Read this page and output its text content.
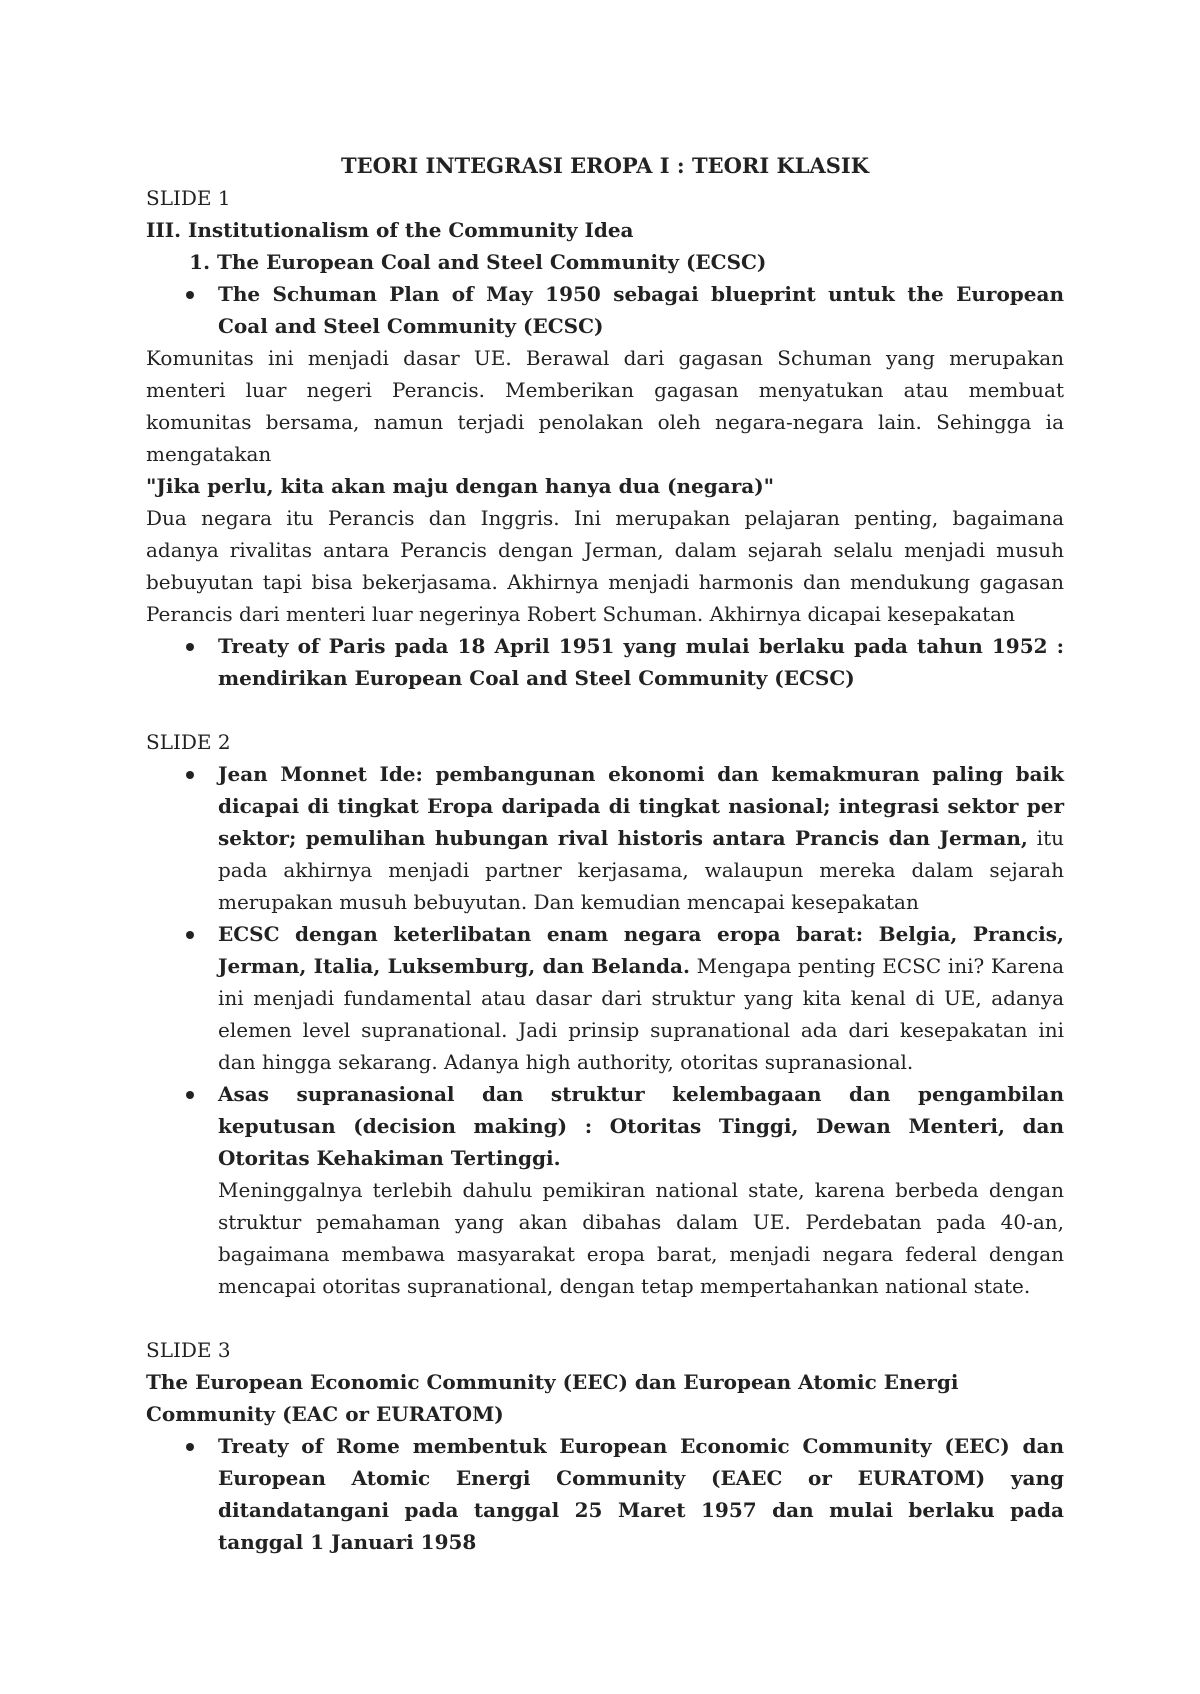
TEORI INTEGRASI EROPA I : TEORI KLASIK

SLIDE 1

III. Institutionalism of the Community Idea

1. The European Coal and Steel Community (ECSC)
The Schuman Plan of May 1950 sebagai blueprint untuk the European Coal and Steel Community (ECSC)

Komunitas ini menjadi dasar UE. Berawal dari gagasan Schuman yang merupakan menteri luar negeri Perancis. Memberikan gagasan menyatukan atau membuat komunitas bersama, namun terjadi penolakan oleh negara-negara lain. Sehingga ia mengatakan

"Jika perlu, kita akan maju dengan hanya dua (negara)"

Dua negara itu Perancis dan Inggris. Ini merupakan pelajaran penting, bagaimana adanya rivalitas antara Perancis dengan Jerman, dalam sejarah selalu menjadi musuh bebuyutan tapi bisa bekerjasama. Akhirnya menjadi harmonis dan mendukung gagasan Perancis dari menteri luar negerinya Robert Schuman. Akhirnya dicapai kesepakatan

Treaty of Paris pada 18 April 1951 yang mulai berlaku pada tahun 1952 : mendirikan European Coal and Steel Community (ECSC)

SLIDE 2

Jean Monnet Ide: pembangunan ekonomi dan kemakmuran paling baik dicapai di tingkat Eropa daripada di tingkat nasional; integrasi sektor per sektor; pemulihan hubungan rival historis antara Prancis dan Jerman, itu pada akhirnya menjadi partner kerjasama, walaupun mereka dalam sejarah merupakan musuh bebuyutan. Dan kemudian mencapai kesepakatan
ECSC dengan keterlibatan enam negara eropa barat: Belgia, Prancis, Jerman, Italia, Luksemburg, dan Belanda. Mengapa penting ECSC ini? Karena ini menjadi fundamental atau dasar dari struktur yang kita kenal di UE, adanya elemen level supranational. Jadi prinsip supranational ada dari kesepakatan ini dan hingga sekarang. Adanya high authority, otoritas supranasional.
Asas supranasional dan struktur kelembagaan dan pengambilan keputusan (decision making) : Otoritas Tinggi, Dewan Menteri, dan Otoritas Kehakiman Tertinggi.

Meninggalnya terlebih dahulu pemikiran national state, karena berbeda dengan struktur pemahaman yang akan dibahas dalam UE. Perdebatan pada 40-an, bagaimana membawa masyarakat eropa barat, menjadi negara federal dengan mencapai otoritas supranational, dengan tetap mempertahankan national state.

SLIDE 3

The European Economic Community (EEC) dan European Atomic Energi Community (EAC or EURATOM)

Treaty of Rome membentuk European Economic Community (EEC) dan European Atomic Energi Community (EAEC or EURATOM) yang ditandatangani pada tanggal 25 Maret 1957 dan mulai berlaku pada tanggal 1 Januari 1958
